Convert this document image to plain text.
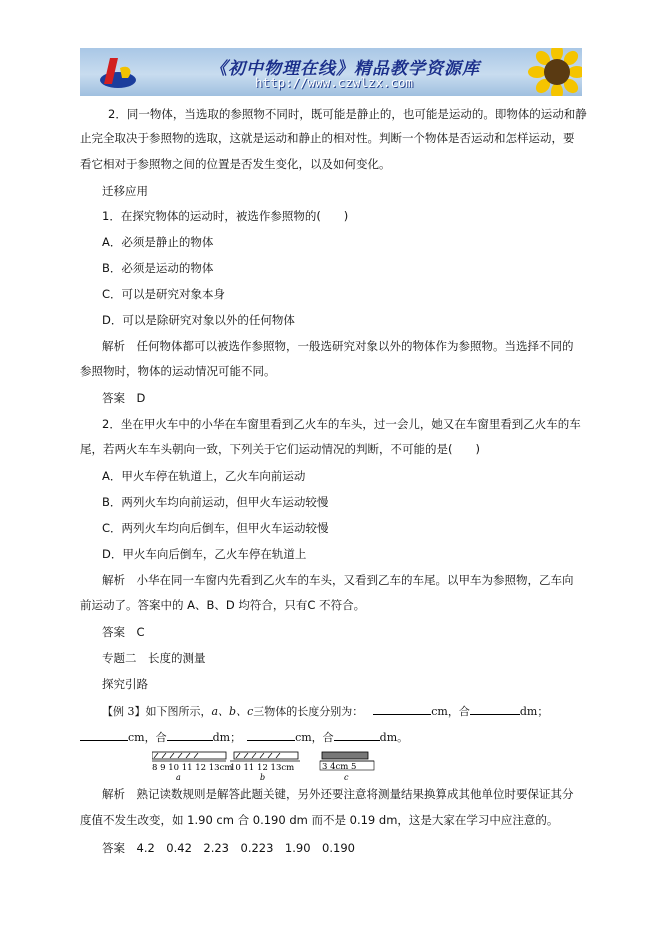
《初中物理在线》精品教学资源库
http://www.czwlzx.com
2．同一物体，当选取的参照物不同时，既可能是静止的，也可能是运动的。即物体的运动和静
止完全取决于参照物的选取，这就是运动和静止的相对性。判断一个物体是否运动和怎样运动，要
看它相对于参照物之间的位置是否发生变化，以及如何变化。
迁移应用
1．在探究物体的运动时，被选作参照物的(　　)
A．必须是静止的物体
B．必须是运动的物体
C．可以是研究对象本身
D．可以是除研究对象以外的任何物体
解析　任何物体都可以被选作参照物，一般选研究对象以外的物体作为参照物。当选择不同的
参照物时，物体的运动情况可能不同。
答案　D
2．坐在甲火车中的小华在车窗里看到乙火车的车头，过一会儿，她又在车窗里看到乙火车的车
尾，若两火车车头朝向一致，下列关于它们运动情况的判断，不可能的是(　　)
A．甲火车停在轨道上，乙火车向前运动
B．两列火车均向前运动，但甲火车运动较慢
C．两列火车均向后倒车，但甲火车运动较慢
D．甲火车向后倒车，乙火车停在轨道上
解析　小华在同一车窗内先看到乙火车的车头，又看到乙车的车尾。以甲车为参照物，乙车向
前运动了。答案中的 A、B、D 均符合，只有C 不符合。
答案　C
专题二　长度的测量
探究引路
【例 3】如下图所示，a、b、c三物体的长度分别为：	cm，合	dm；
cm，合	dm；	cm，合	dm。
解析　熟记读数规则是解答此题关键，另外还要注意将测量结果换算成其他单位时要保证其分
度值不发生改变，如 1.90 cm 合 0.190 dm 而不是 0.19 dm，这是大家在学习中应注意的。
答案　4.2　0.42　2.23　0.223　1.90　0.190
8 9 10 11 12 13cm
a
10 11 12 13cm
b
3 4cm 5
c
